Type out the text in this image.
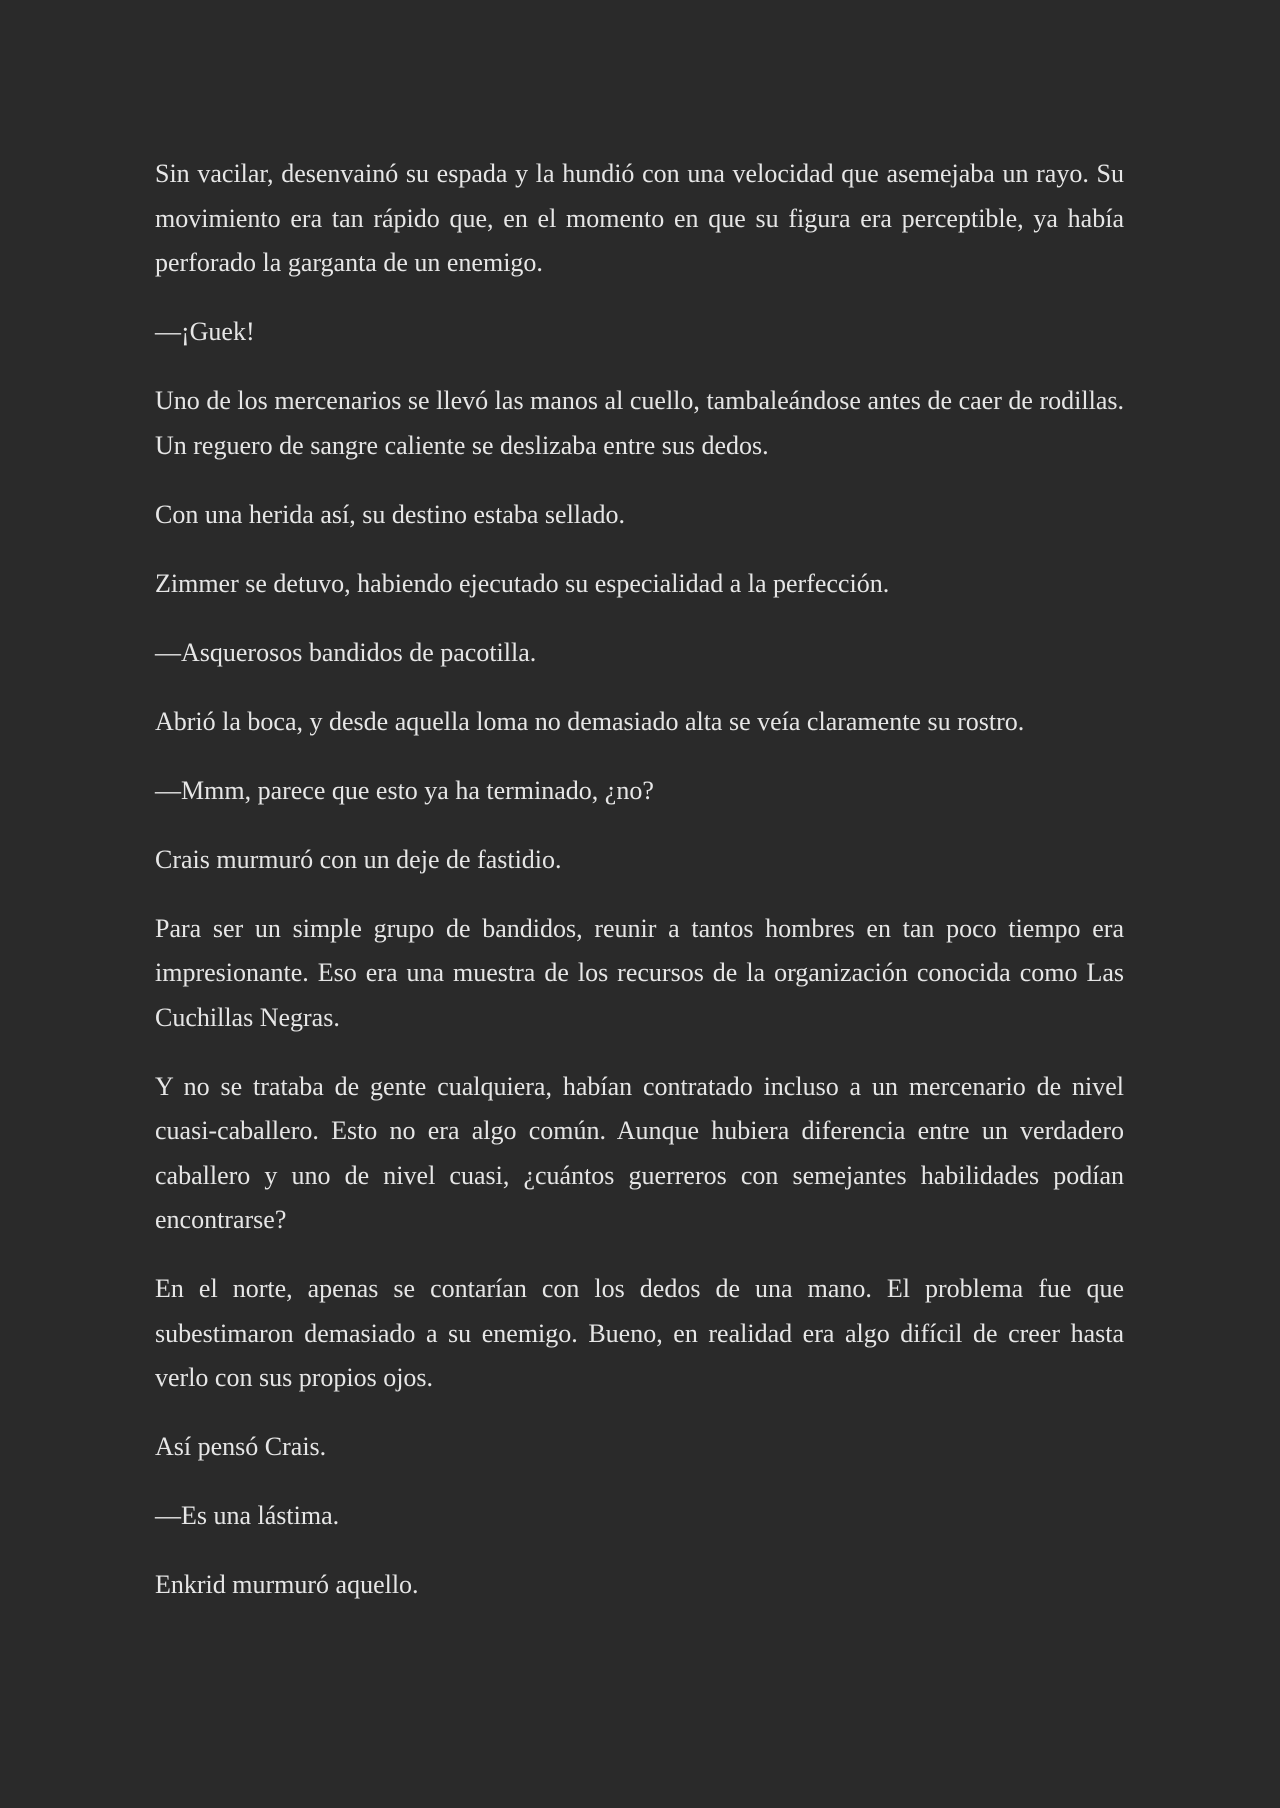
Sin vacilar, desenvainó su espada y la hundió con una velocidad que asemejaba un rayo. Su movimiento era tan rápido que, en el momento en que su figura era perceptible, ya había perforado la garganta de un enemigo.

—¡Guek!

Uno de los mercenarios se llevó las manos al cuello, tambaleándose antes de caer de rodillas. Un reguero de sangre caliente se deslizaba entre sus dedos.

Con una herida así, su destino estaba sellado.

Zimmer se detuvo, habiendo ejecutado su especialidad a la perfección.

—Asquerosos bandidos de pacotilla.

Abrió la boca, y desde aquella loma no demasiado alta se veía claramente su rostro.

—Mmm, parece que esto ya ha terminado, ¿no?

Crais murmuró con un deje de fastidio.

Para ser un simple grupo de bandidos, reunir a tantos hombres en tan poco tiempo era impresionante. Eso era una muestra de los recursos de la organización conocida como Las Cuchillas Negras.

Y no se trataba de gente cualquiera, habían contratado incluso a un mercenario de nivel cuasi-caballero. Esto no era algo común. Aunque hubiera diferencia entre un verdadero caballero y uno de nivel cuasi, ¿cuántos guerreros con semejantes habilidades podían encontrarse?

En el norte, apenas se contarían con los dedos de una mano. El problema fue que subestimaron demasiado a su enemigo. Bueno, en realidad era algo difícil de creer hasta verlo con sus propios ojos.

Así pensó Crais.

—Es una lástima.

Enkrid murmuró aquello.
